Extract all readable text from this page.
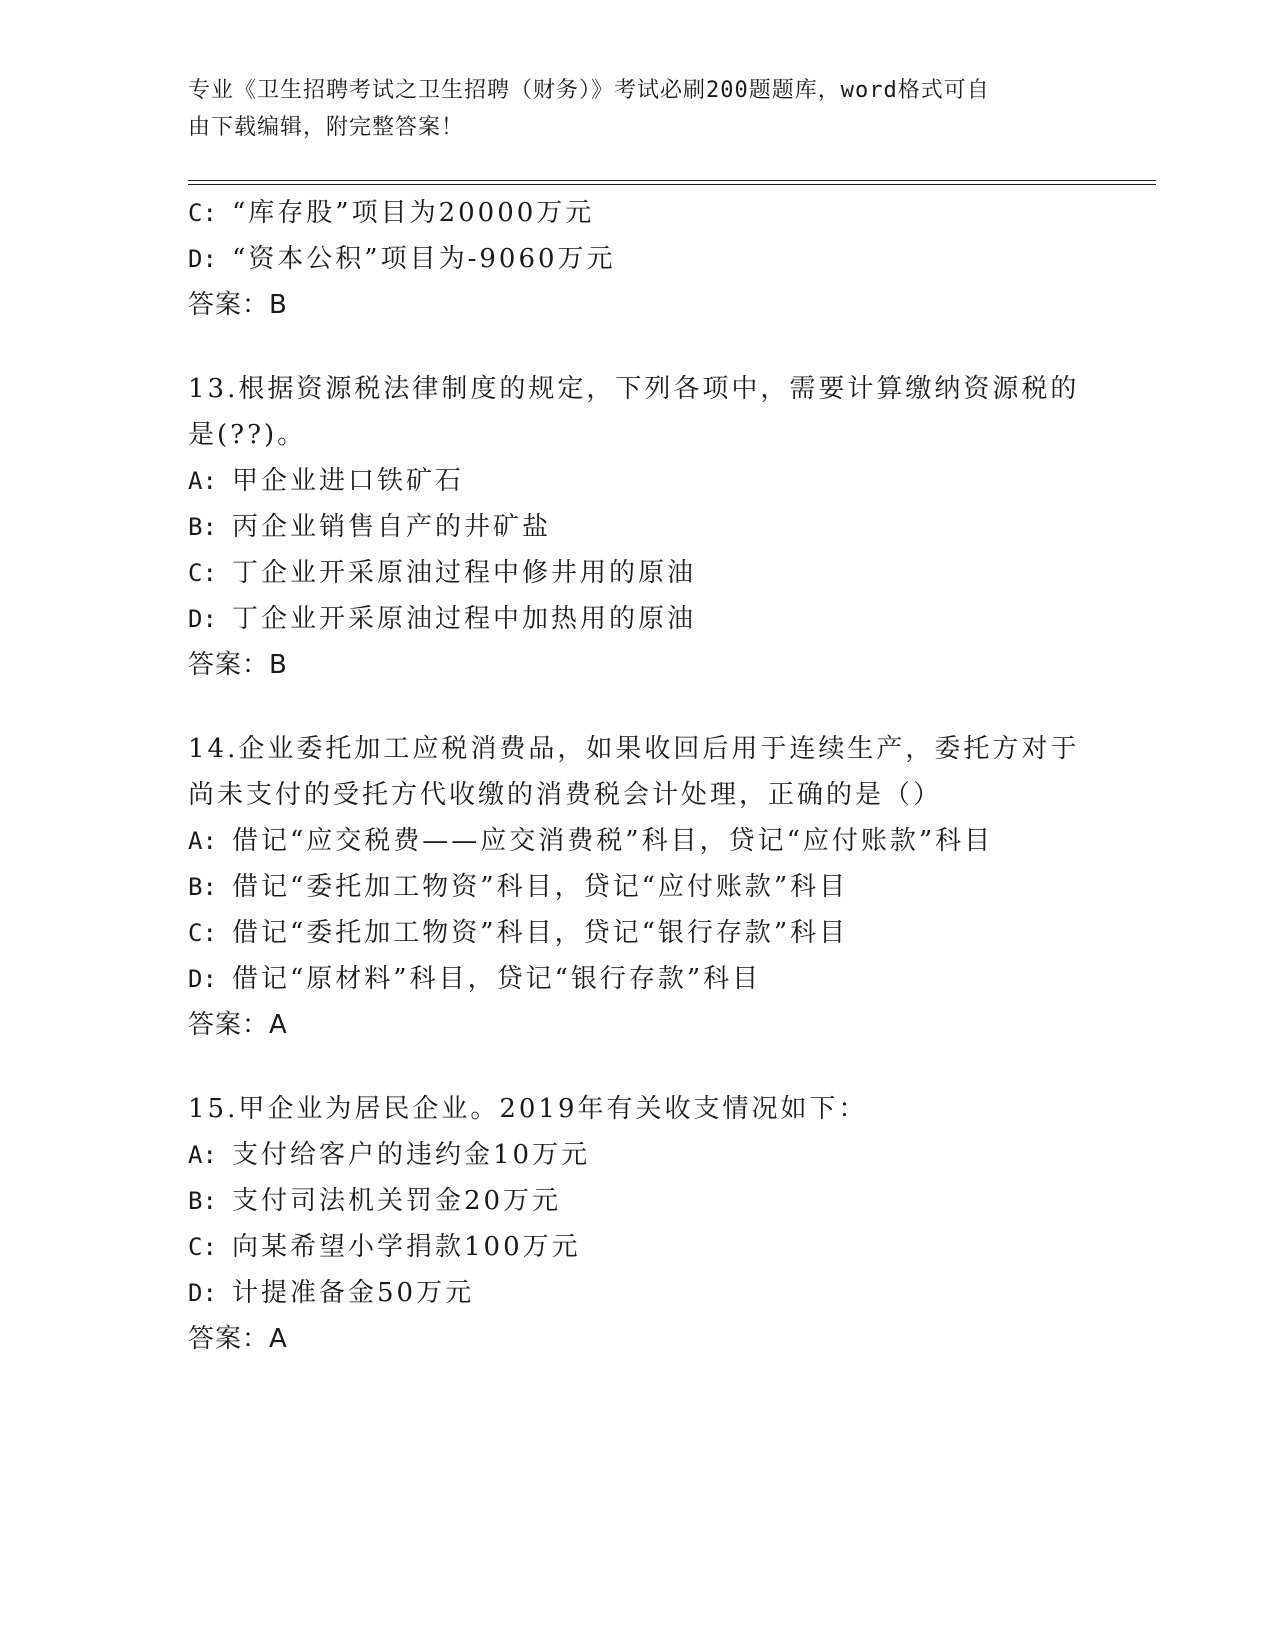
专业《卫生招聘考试之卫生招聘（财务）》考试必刷200题题库，word格式可自
由下载编辑，附完整答案！
C: “库存股”项目为20000万元
D: “资本公积”项目为-9060万元
答案：B
13.根据资源税法律制度的规定，下列各项中，需要计算缴纳资源税的
是(??)。
A: 甲企业进口铁矿石
B: 丙企业销售自产的井矿盐
C: 丁企业开采原油过程中修井用的原油
D: 丁企业开采原油过程中加热用的原油
答案：B
14.企业委托加工应税消费品，如果收回后用于连续生产，委托方对于
尚未支付的受托方代收缴的消费税会计处理，正确的是（）
A: 借记“应交税费——应交消费税”科目，贷记“应付账款”科目
B: 借记“委托加工物资”科目，贷记“应付账款”科目
C: 借记“委托加工物资”科目，贷记“银行存款”科目
D: 借记“原材料”科目，贷记“银行存款”科目
答案：A
15.甲企业为居民企业。2019年有关收支情况如下：
A: 支付给客户的违约金10万元
B: 支付司法机关罚金20万元
C: 向某希望小学捐款100万元
D: 计提准备金50万元
答案：A
